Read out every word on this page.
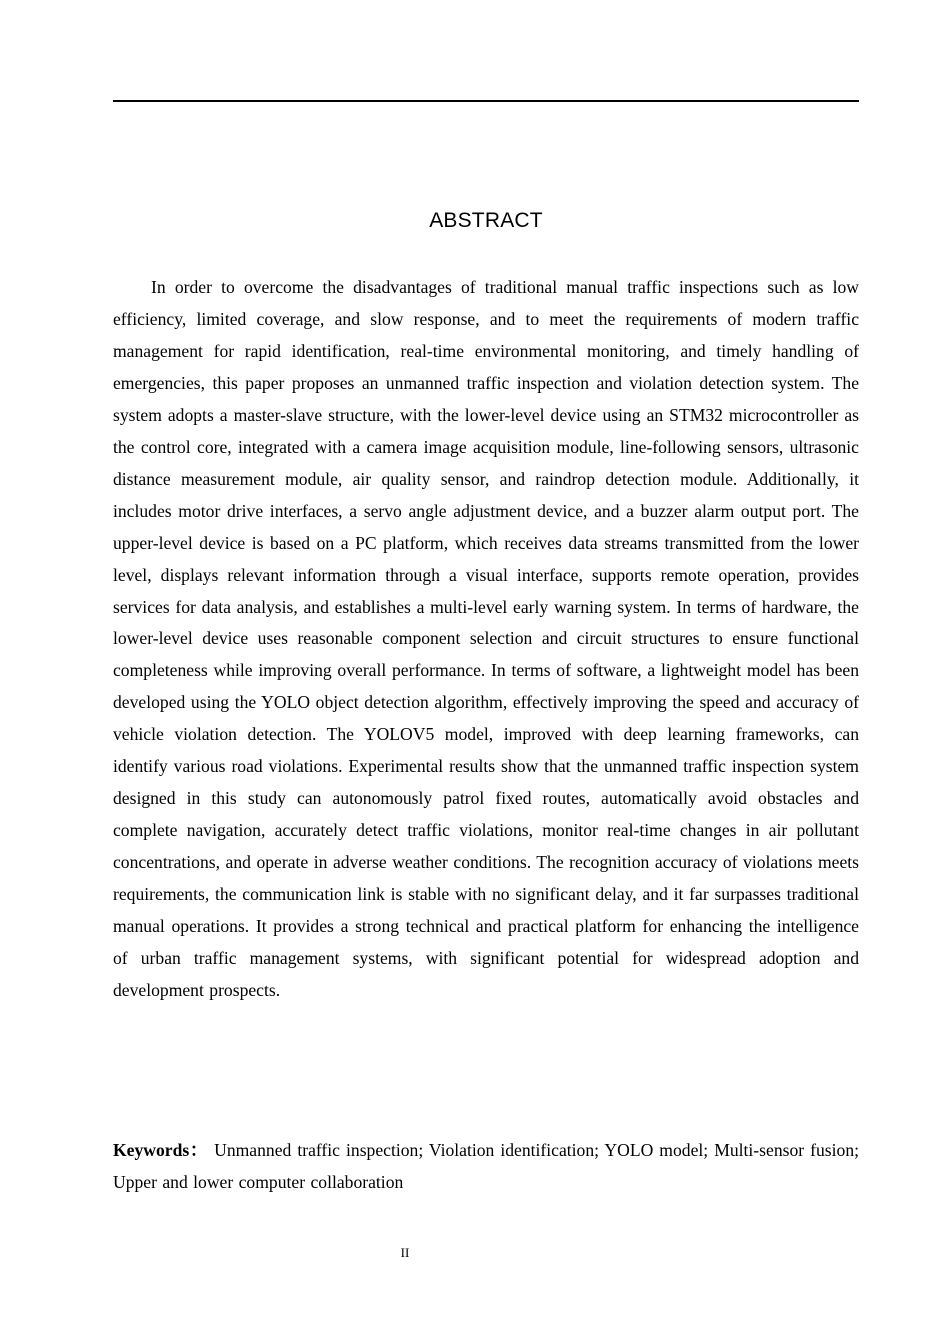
ABSTRACT

In order to overcome the disadvantages of traditional manual traffic inspections such as low efficiency, limited coverage, and slow response, and to meet the requirements of modern traffic management for rapid identification, real-time environmental monitoring, and timely handling of emergencies, this paper proposes an unmanned traffic inspection and violation detection system. The system adopts a master-slave structure, with the lower-level device using an STM32 microcontroller as the control core, integrated with a camera image acquisition module, line-following sensors, ultrasonic distance measurement module, air quality sensor, and raindrop detection module. Additionally, it includes motor drive interfaces, a servo angle adjustment device, and a buzzer alarm output port. The upper-level device is based on a PC platform, which receives data streams transmitted from the lower level, displays relevant information through a visual interface, supports remote operation, provides services for data analysis, and establishes a multi-level early warning system. In terms of hardware, the lower-level device uses reasonable component selection and circuit structures to ensure functional completeness while improving overall performance. In terms of software, a lightweight model has been developed using the YOLO object detection algorithm, effectively improving the speed and accuracy of vehicle violation detection. The YOLOV5 model, improved with deep learning frameworks, can identify various road violations. Experimental results show that the unmanned traffic inspection system designed in this study can autonomously patrol fixed routes, automatically avoid obstacles and complete navigation, accurately detect traffic violations, monitor real-time changes in air pollutant concentrations, and operate in adverse weather conditions. The recognition accuracy of violations meets requirements, the communication link is stable with no significant delay, and it far surpasses traditional manual operations. It provides a strong technical and practical platform for enhancing the intelligence of urban traffic management systems, with significant potential for widespread adoption and development prospects.

Keywords： Unmanned traffic inspection; Violation identification; YOLO model; Multi-sensor fusion; Upper and lower computer collaboration

II
